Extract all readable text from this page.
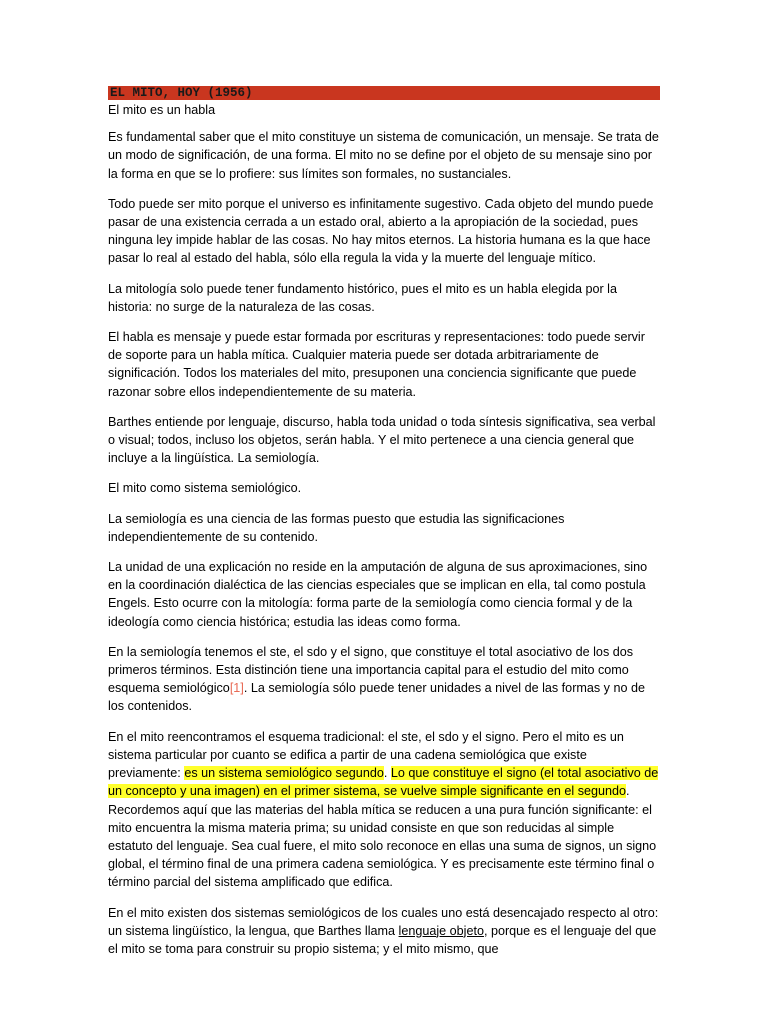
EL MITO, HOY (1956)

El mito es un habla

Es fundamental saber que el mito constituye un sistema de comunicación, un mensaje. Se trata de un modo de significación, de una forma. El mito no se define por el objeto de su mensaje sino por la forma en que se lo profiere: sus límites son formales, no sustanciales.

Todo puede ser mito porque el universo es infinitamente sugestivo. Cada objeto del mundo puede pasar de una existencia cerrada a un estado oral, abierto a la apropiación de la sociedad, pues ninguna ley impide hablar de las cosas. No hay mitos eternos. La historia humana es la que hace pasar lo real al estado del habla, sólo ella regula la vida y la muerte del lenguaje mítico.

La mitología solo puede tener fundamento histórico, pues el mito es un habla elegida por la historia: no surge de la naturaleza de las cosas.

El habla es mensaje y puede estar formada por escrituras y representaciones: todo puede servir de soporte para un habla mítica. Cualquier materia puede ser dotada arbitrariamente de significación. Todos los materiales del mito, presuponen una conciencia significante que puede razonar sobre ellos independientemente de su materia.

Barthes entiende por lenguaje, discurso, habla toda unidad o toda síntesis significativa, sea verbal o visual; todos, incluso los objetos, serán habla. Y el mito pertenece a una ciencia general que incluye a la lingüística. La semiología.

El mito como sistema semiológico.

La semiología es una ciencia de las formas puesto que estudia las significaciones independientemente de su contenido.

La unidad de una explicación no reside en la amputación de alguna de sus aproximaciones, sino en la coordinación dialéctica de las ciencias especiales que se implican en ella, tal como postula Engels. Esto ocurre con la mitología: forma parte de la semiología como ciencia formal y de la ideología como ciencia histórica; estudia las ideas como forma.

En la semiología tenemos el ste, el sdo y el signo, que constituye el total asociativo de los dos primeros términos. Esta distinción tiene una importancia capital para el estudio del mito como esquema semiológico[1]. La semiología sólo puede tener unidades a nivel de las formas y no de los contenidos.

En el mito reencontramos el esquema tradicional: el ste, el sdo y el signo. Pero el mito es un sistema particular por cuanto se edifica a partir de una cadena semiológica que existe previamente: es un sistema semiológico segundo. Lo que constituye el signo (el total asociativo de un concepto y una imagen) en el primer sistema, se vuelve simple significante en el segundo. Recordemos aquí que las materias del habla mítica se reducen a una pura función significante: el mito encuentra la misma materia prima; su unidad consiste en que son reducidas al simple estatuto del lenguaje. Sea cual fuere, el mito solo reconoce en ellas una suma de signos, un signo global, el término final de una primera cadena semiológica. Y es precisamente este término final o término parcial del sistema amplificado que edifica.

En el mito existen dos sistemas semiológicos de los cuales uno está desencajado respecto al otro: un sistema lingüístico, la lengua, que Barthes llama lenguaje objeto, porque es el lenguaje del que el mito se toma para construir su propio sistema; y el mito mismo, que
